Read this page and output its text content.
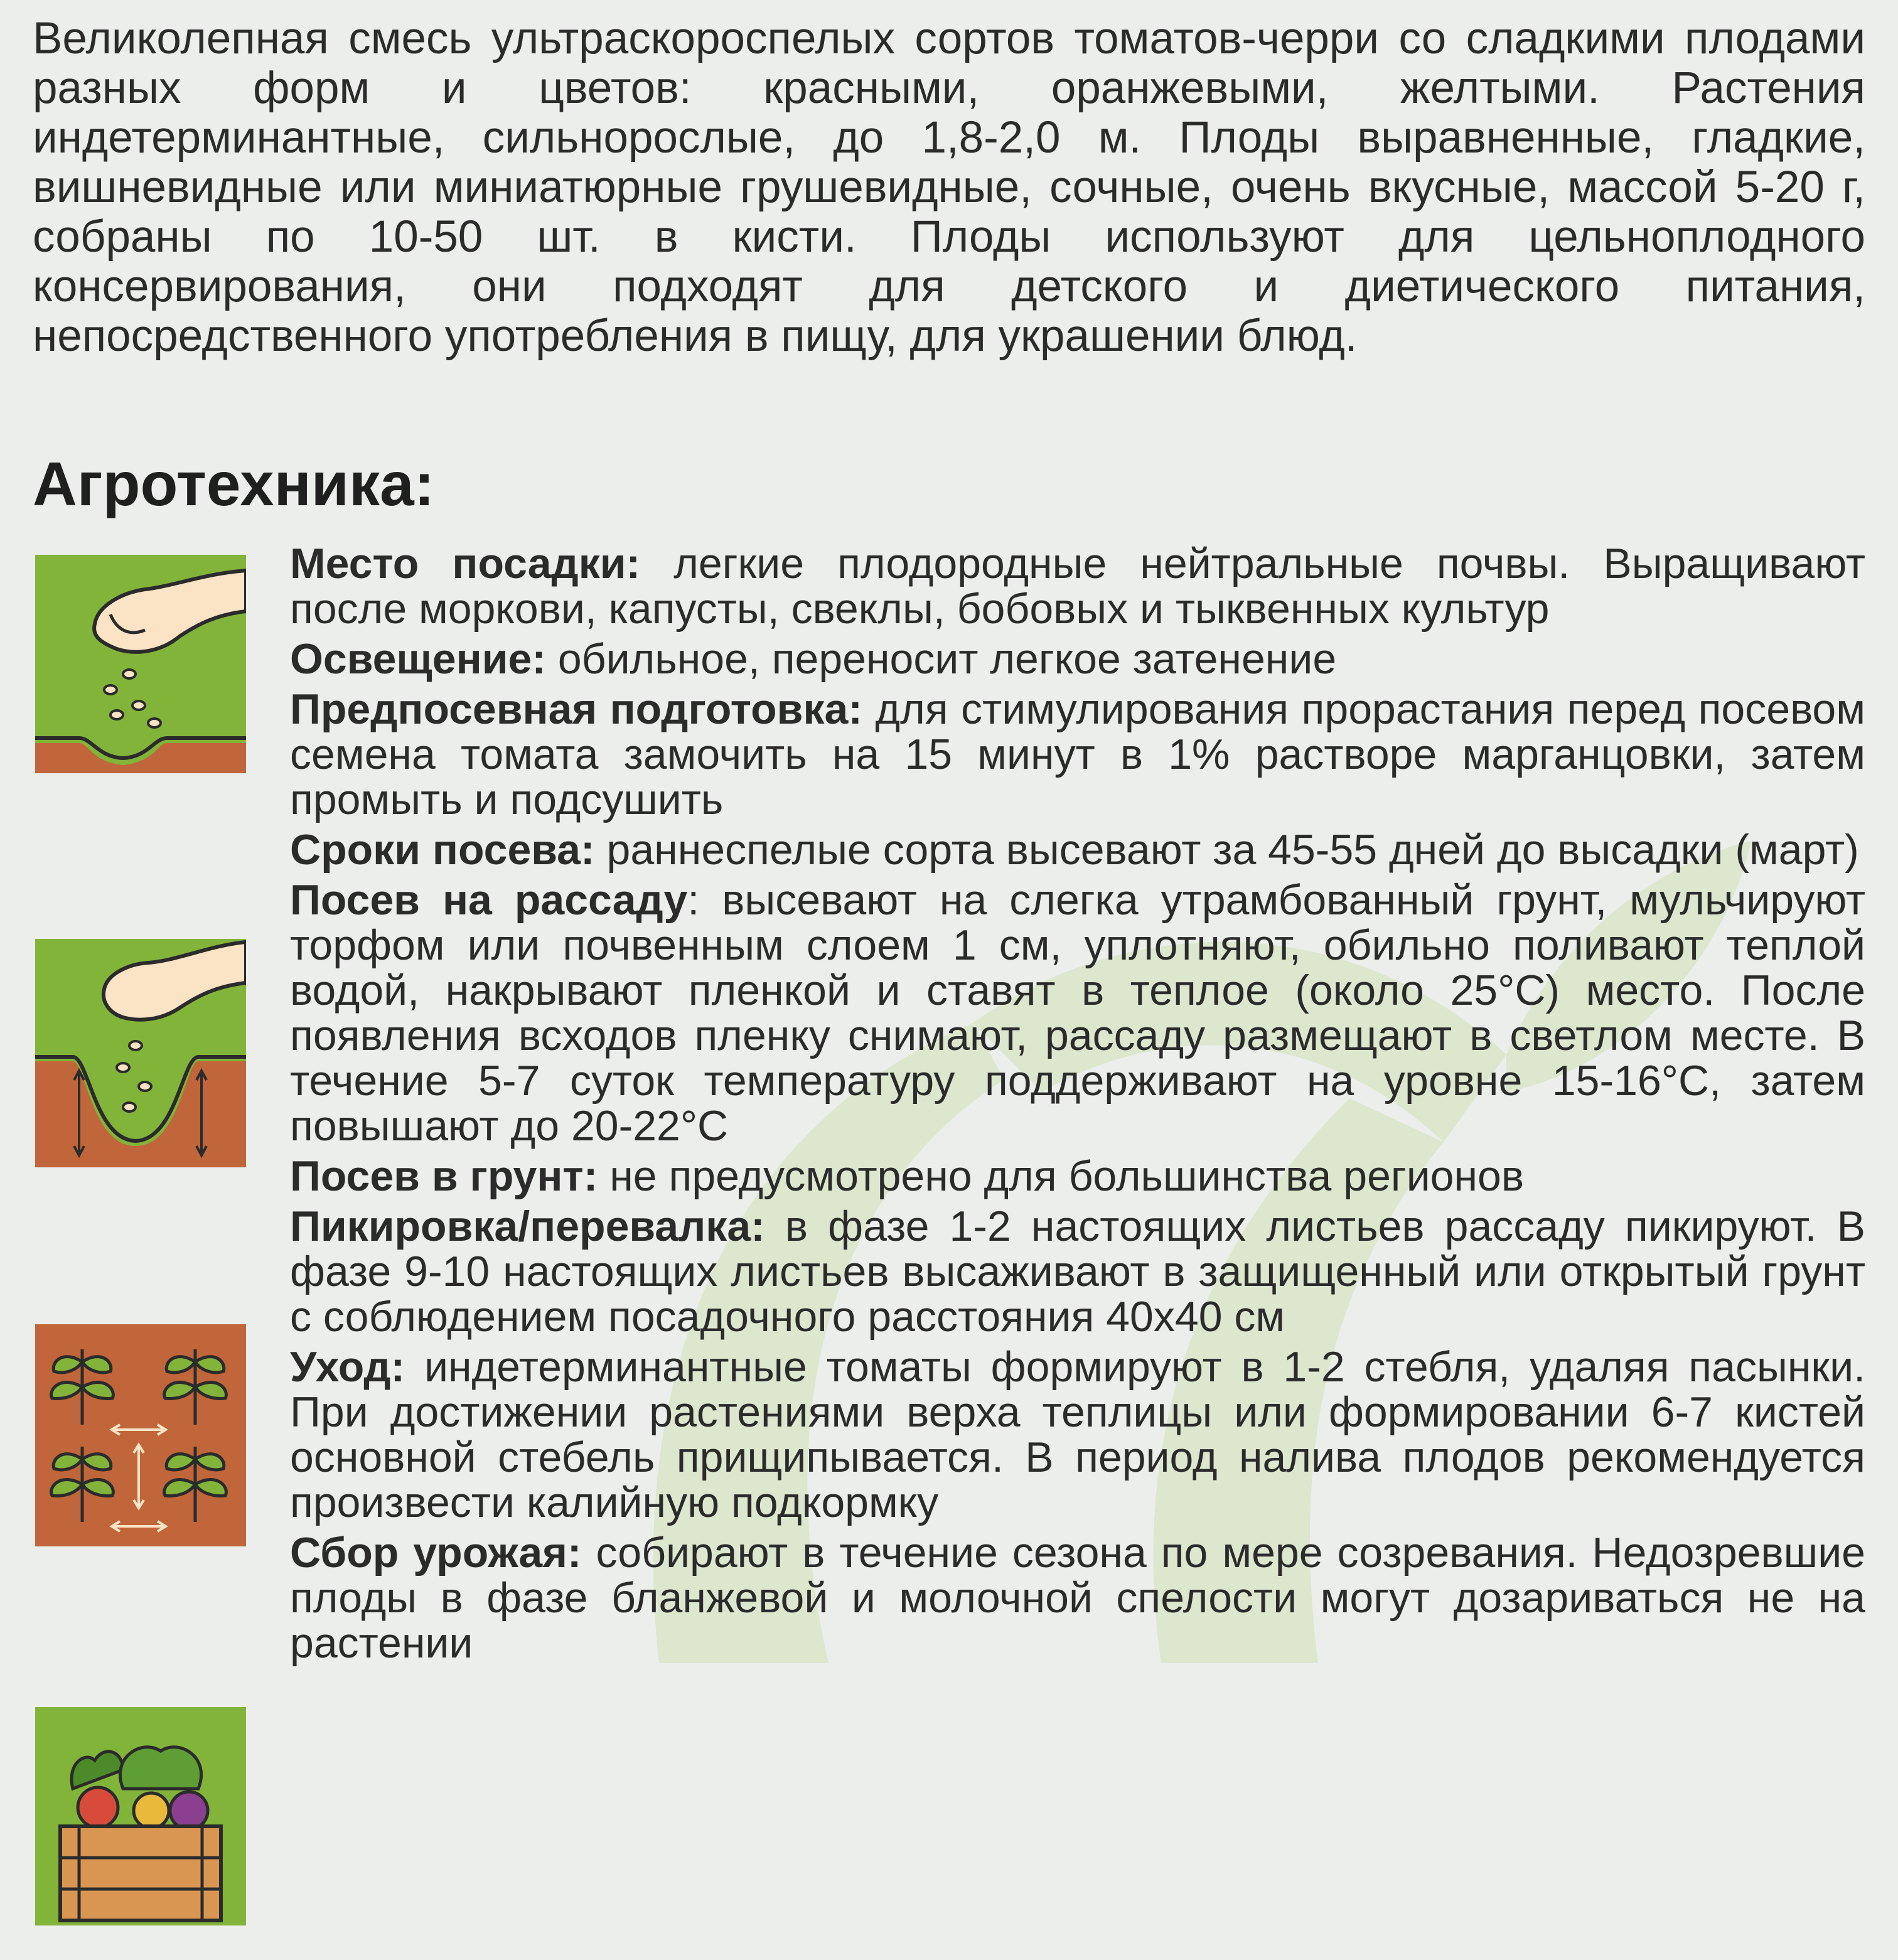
Великолепная смесь ультраскороспелых сортов томатов-черри со сладкими плодами разных форм и цветов: красными, оранжевыми, желтыми. Растения индетерминантные, сильнорослые, до 1,8-2,0 м. Плоды выравненные, гладкие, вишневидные или миниатюрные грушевидные, сочные, очень вкусные, массой 5-20 г, собраны по 10-50 шт. в кисти. Плоды используют для цельноплодного консервирования, они подходят для детского и диетического питания, непосредственного употребления в пищу, для украшении блюд.

Агротехника:

Место посадки: легкие плодородные нейтральные почвы. Выращивают после моркови, капусты, свеклы, бобовых и тыквенных культур

Освещение: обильное, переносит легкое затенение

Предпосевная подготовка: для стимулирования прорастания перед посевом семена томата замочить на 15 минут в 1% растворе марганцовки, затем промыть и подсушить

Сроки посева: раннеспелые сорта высевают за 45-55 дней до высадки (март)

Посев на рассаду: высевают на слегка утрамбованный грунт, мульчируют торфом или почвенным слоем 1 см, уплотняют, обильно поливают теплой водой, накрывают пленкой и ставят в теплое (около 25°С) место. После появления всходов пленку снимают, рассаду размещают в светлом месте. В течение 5-7 суток температуру поддерживают на уровне 15-16°С, затем повышают до 20-22°С

Посев в грунт: не предусмотрено для большинства регионов

Пикировка/перевалка: в фазе 1-2 настоящих листьев рассаду пикируют. В фазе 9-10 настоящих листьев высаживают в защищенный или открытый грунт с соблюдением посадочного расстояния 40х40 см

Уход: индетерминантные томаты формируют в 1-2 стебля, удаляя пасынки. При достижении растениями верха теплицы или формировании 6-7 кистей основной стебель прищипывается. В период налива плодов рекомендуется произвести калийную подкормку

Сбор урожая: собирают в течение сезона по мере созревания. Недозревшие плоды в фазе бланжевой и молочной спелости могут дозариваться не на растении
